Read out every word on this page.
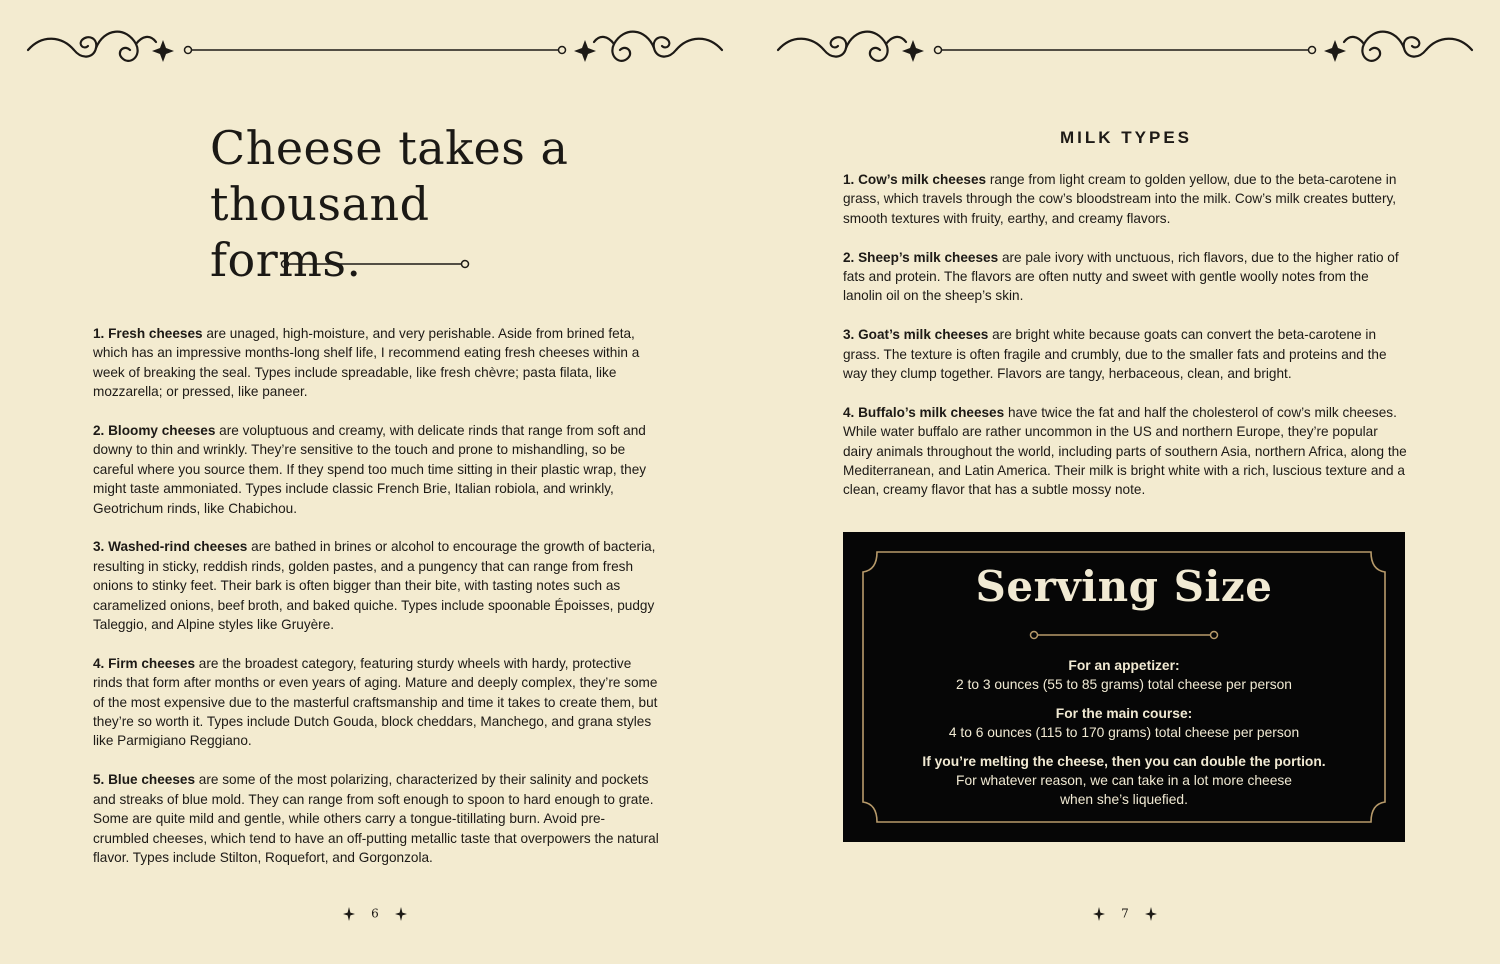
Cheese takes a
thousand forms.

1. Fresh cheeses are unaged, high-moisture, and very perishable. Aside from brined feta, which has an impressive months-long shelf life, I recommend eating fresh cheeses within a week of breaking the seal. Types include spreadable, like fresh chèvre; pasta filata, like mozzarella; or pressed, like paneer.

2. Bloomy cheeses are voluptuous and creamy, with delicate rinds that range from soft and downy to thin and wrinkly. They’re sensitive to the touch and prone to mishandling, so be careful where you source them. If they spend too much time sitting in their plastic wrap, they might taste ammoniated. Types include classic French Brie, Italian robiola, and wrinkly, Geotrichum rinds, like Chabichou.

3. Washed-rind cheeses are bathed in brines or alcohol to encourage the growth of bacteria, resulting in sticky, reddish rinds, golden pastes, and a pungency that can range from fresh onions to stinky feet. Their bark is often bigger than their bite, with tasting notes such as caramelized onions, beef broth, and baked quiche. Types include spoonable Époisses, pudgy Taleggio, and Alpine styles like Gruyère.

4. Firm cheeses are the broadest category, featuring sturdy wheels with hardy, protective rinds that form after months or even years of aging. Mature and deeply complex, they’re some of the most expensive due to the masterful craftsmanship and time it takes to create them, but they’re so worth it. Types include Dutch Gouda, block cheddars, Manchego, and grana styles like Parmigiano Reggiano.

5. Blue cheeses are some of the most polarizing, characterized by their salinity and pockets and streaks of blue mold. They can range from soft enough to spoon to hard enough to grate. Some are quite mild and gentle, while others carry a tongue-titillating burn. Avoid pre-crumbled cheeses, which tend to have an off-putting metallic taste that overpowers the natural flavor. Types include Stilton, Roquefort, and Gorgonzola.

6
MILK TYPES

1. Cow’s milk cheeses range from light cream to golden yellow, due to the beta-carotene in grass, which travels through the cow’s bloodstream into the milk. Cow’s milk creates buttery, smooth textures with fruity, earthy, and creamy flavors.

2. Sheep’s milk cheeses are pale ivory with unctuous, rich flavors, due to the higher ratio of fats and protein. The flavors are often nutty and sweet with gentle woolly notes from the lanolin oil on the sheep’s skin.

3. Goat’s milk cheeses are bright white because goats can convert the beta-carotene in grass. The texture is often fragile and crumbly, due to the smaller fats and proteins and the way they clump together. Flavors are tangy, herbaceous, clean, and bright.

4. Buffalo’s milk cheeses have twice the fat and half the cholesterol of cow’s milk cheeses. While water buffalo are rather uncommon in the US and northern Europe, they’re popular dairy animals throughout the world, including parts of southern Asia, northern Africa, along the Mediterranean, and Latin America. Their milk is bright white with a rich, luscious texture and a clean, creamy flavor that has a subtle mossy note.

7
Serving Size
For an appetizer:
2 to 3 ounces (55 to 85 grams) total cheese per person
For the main course:
4 to 6 ounces (115 to 170 grams) total cheese per person
If you’re melting the cheese, then you can double the portion.
For whatever reason, we can take in a lot more cheese
when she’s liquefied.
